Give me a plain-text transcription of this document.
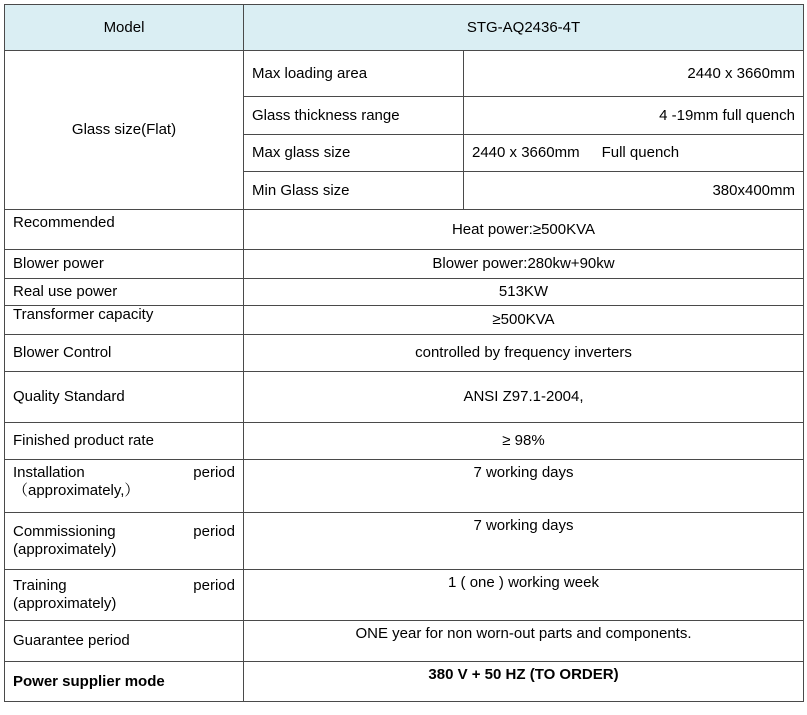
Model	STG-AQ2436-4T	
Glass size(Flat)	Max loading area	2440 x 3660mm
	Glass thickness range	4 -19mm full quench
	Max glass size	2440 x 3660mm Full quench
	Min Glass size	380x400mm
Recommended	Heat power:≥500KVA	
Blower power	Blower power:280kw+90kw	
Real use power	513KW	
Transformer capacity	≥500KVA	
Blower Control	controlled by frequency inverters	
Quality Standard	ANSI Z97.1-2004,	
Finished product rate	≥ 98%	

Installation period
（approximately,）	7 working days	

Commissioning period
(approximately)	7 working days	

Training period
(approximately)	1 ( one ) working week	
Guarantee period	ONE year for non worn-out parts and components.	
Power supplier mode	380 V + 50 HZ (TO ORDER)	
